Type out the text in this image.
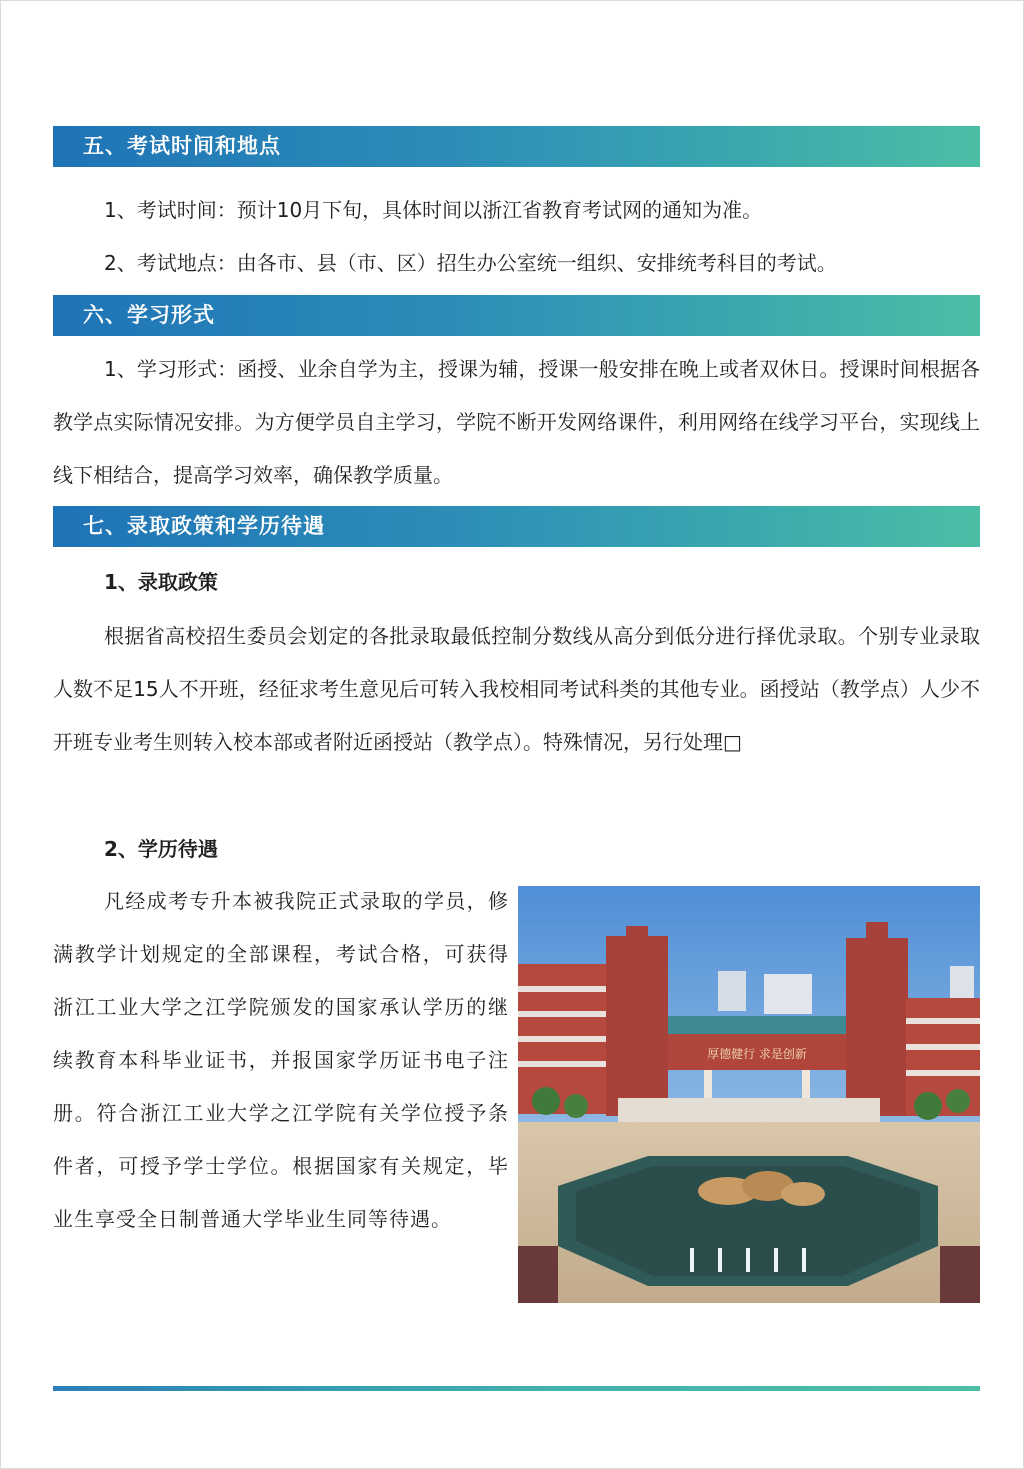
五、考试时间和地点

1、考试时间：预计10月下旬，具体时间以浙江省教育考试网的通知为准。

2、考试地点：由各市、县（市、区）招生办公室统一组织、安排统考科目的考试。

六、学习形式

1、学习形式：函授、业余自学为主，授课为辅，授课一般安排在晚上或者双休日。授课时间根据各教学点实际情况安排。为方便学员自主学习，学院不断开发网络课件，利用网络在线学习平台，实现线上线下相结合，提高学习效率，确保教学质量。

七、录取政策和学历待遇
1、录取政策

根据省高校招生委员会划定的各批录取最低控制分数线从高分到低分进行择优录取。个别专业录取人数不足15人不开班，经征求考生意见后可转入我校相同考试科类的其他专业。函授站（教学点）人少不开班专业考生则转入校本部或者附近函授站（教学点）。特殊情况，另行处理□

2、学历待遇

凡经成考专升本被我院正式录取的学员，修满教学计划规定的全部课程，考试合格，可获得浙江工业大学之江学院颁发的国家承认学历的继续教育本科毕业证书，并报国家学历证书电子注册。符合浙江工业大学之江学院有关学位授予条件者，可授予学士学位。根据国家有关规定，毕业生享受全日制普通大学毕业生同等待遇。

厚德健行 求是创新
